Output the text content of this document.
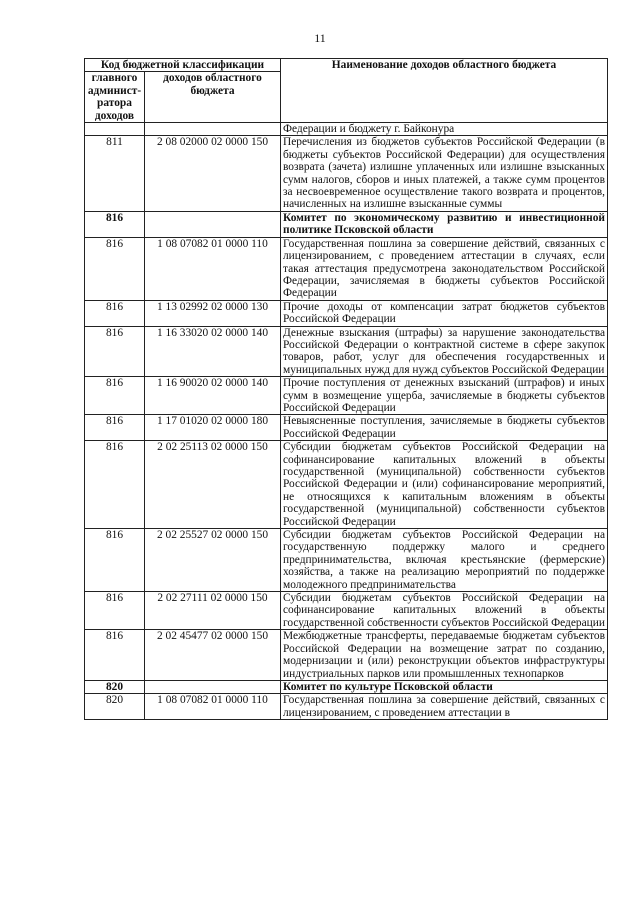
11
Код бюджетной классификации		Наименование доходов областного бюджета
главного админист-ратора доходов	доходов областного бюджета	
		Федерации и бюджету г. Байконура
811	2 08 02000 02 0000 150	Перечисления из бюджетов субъектов Российской Федерации (в бюджеты субъектов Российской Федерации) для осуществления возврата (зачета) излишне уплаченных или излишне взысканных сумм налогов, сборов и иных платежей, а также сумм процентов за несвоевременное осуществление такого возврата и процентов, начисленных на излишне взысканные суммы
816		Комитет по экономическому развитию и инвестиционной политике Псковской области
816	1 08 07082 01 0000 110	Государственная пошлина за совершение действий, связанных с лицензированием, с проведением аттестации в случаях, если такая аттестация предусмотрена законодательством Российской Федерации, зачисляемая в бюджеты субъектов Российской Федерации
816	1 13 02992 02 0000 130	Прочие доходы от компенсации затрат бюджетов субъектов Российской Федерации
816	1 16 33020 02 0000 140	Денежные взыскания (штрафы) за нарушение законодательства Российской Федерации о контрактной системе в сфере закупок товаров, работ, услуг для обеспечения государственных и муниципальных нужд для нужд субъектов Российской Федерации
816	1 16 90020 02 0000 140	Прочие поступления от денежных взысканий (штрафов) и иных сумм в возмещение ущерба, зачисляемые в бюджеты субъектов Российской Федерации
816	1 17 01020 02 0000 180	Невыясненные поступления, зачисляемые в бюджеты субъектов Российской Федерации
816	2 02 25113 02 0000 150	Субсидии бюджетам субъектов Российской Федерации на софинансирование капитальных вложений в объекты государственной (муниципальной) собственности субъектов Российской Федерации и (или) софинансирование мероприятий, не относящихся к капитальным вложениям в объекты государственной (муниципальной) собственности субъектов Российской Федерации
816	2 02 25527 02 0000 150	Субсидии бюджетам субъектов Российской Федерации на государственную поддержку малого и среднего предпринимательства, включая крестьянские (фермерские) хозяйства, а также на реализацию мероприятий по поддержке молодежного предпринимательства
816	2 02 27111 02 0000 150	Субсидии бюджетам субъектов Российской Федерации на софинансирование капитальных вложений в объекты государственной собственности субъектов Российской Федерации
816	2 02 45477 02 0000 150	Межбюджетные трансферты, передаваемые бюджетам субъектов Российской Федерации на возмещение затрат по созданию, модернизации и (или) реконструкции объектов инфраструктуры индустриальных парков или промышленных технопарков
820		Комитет по культуре Псковской области
820	1 08 07082 01 0000 110	Государственная пошлина за совершение действий, связанных с лицензированием, с проведением аттестации в
